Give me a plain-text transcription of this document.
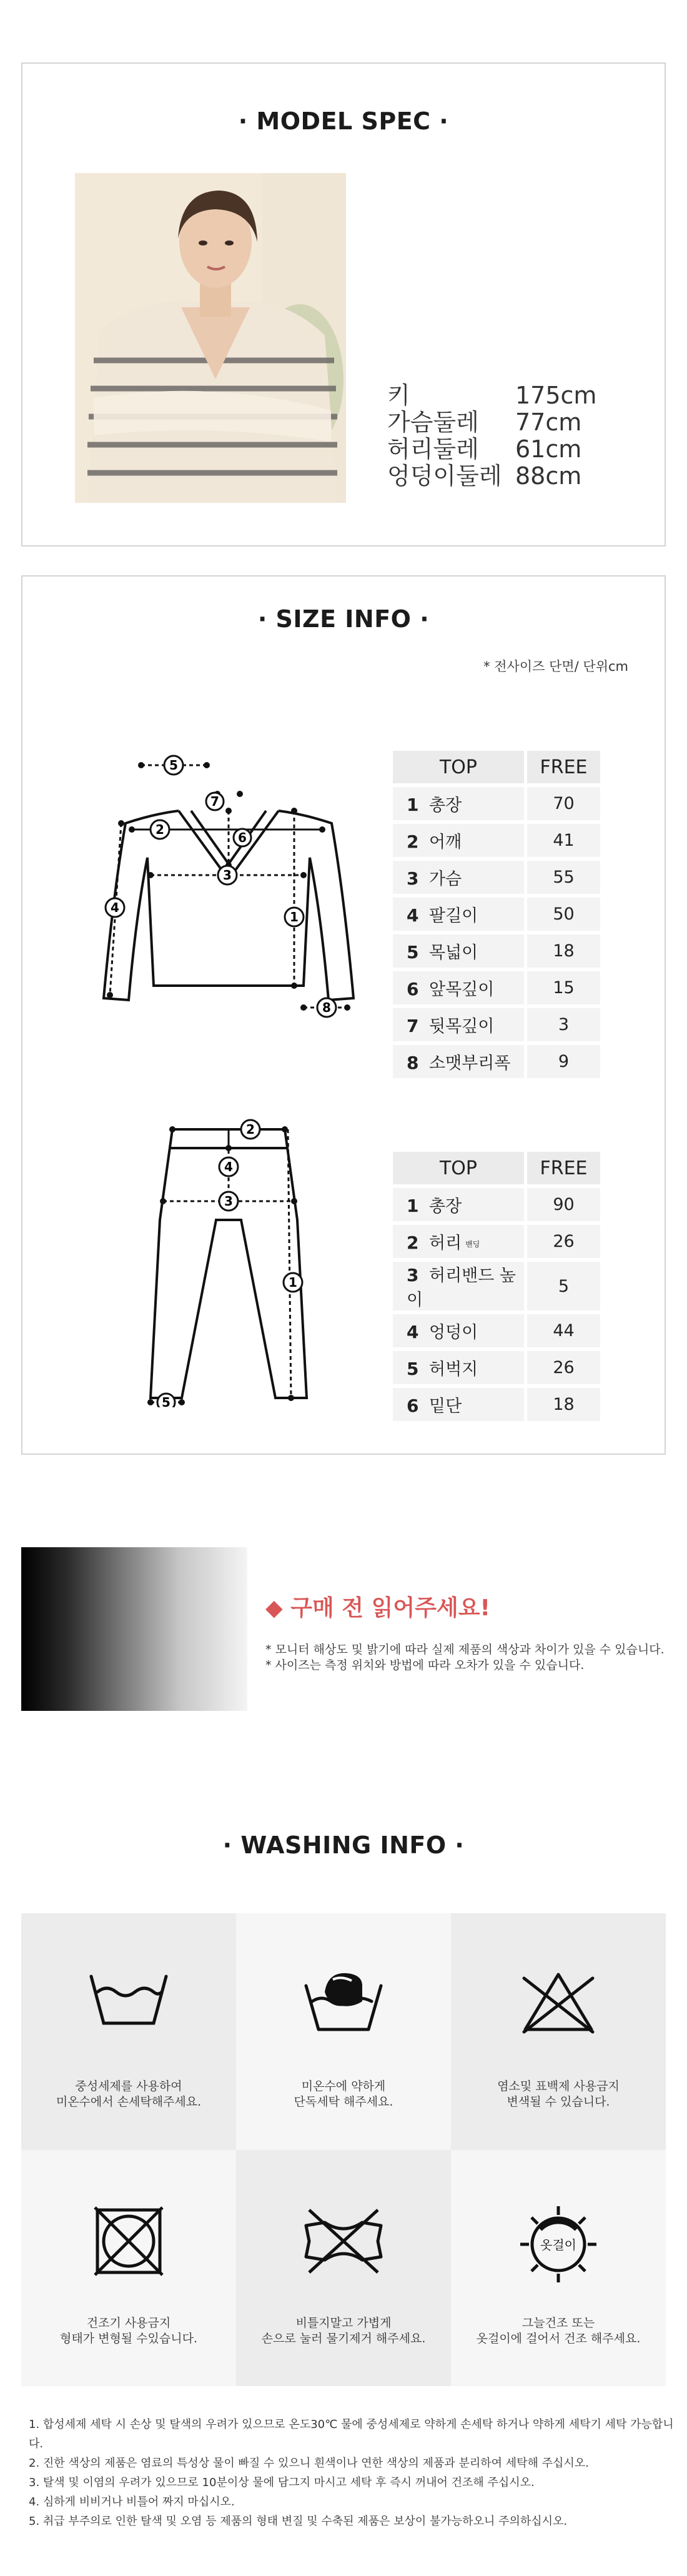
· MODEL SPEC ·
키	175cm
가슴둘레	77cm
허리둘레	61cm
엉덩이둘레 88cm
· SIZE INFO ·
* 전사이즈 단면/ 단위cm
5
7
2
6
3
4
1
8
TOP	FREE
1 총장	70
2 어깨	41
3 가슴	55
4 팔길이	50
5 목넓이	18
6 앞목깊이	15
7 뒷목깊이	3
8 소맷부리폭	9
2
4
3
1
5
TOP	FREE
1 총장	90
2 허리 밴딩	26
3 허리밴드 높이	5
4 엉덩이	44
5 허벅지	26
6 밑단	18
◆ 구매 전 읽어주세요!
* 모니터 해상도 및 밝기에 따라 실제 제품의 색상과 차이가 있을 수 있습니다.
* 사이즈는 측정 위치와 방법에 따라 오차가 있을 수 있습니다.
· WASHING INFO ·
중성세제를 사용하여
미온수에서 손세탁해주세요.
미온수에 약하게
단독세탁 해주세요.
염소및 표백제 사용금지
변색될 수 있습니다.
건조기 사용금지
형태가 변형될 수있습니다.
비틀지말고 가볍게
손으로 눌러 물기제거 해주세요.
옷걸이
그늘건조 또는
옷걸이에 걸어서 건조 해주세요.
1. 합성세제 세탁 시 손상 및 탈색의 우려가 있으므로 온도30℃ 물에 중성세제로 약하게 손세탁 하거나 약하게 세탁기 세탁 가능합니다.
2. 진한 색상의 제품은 염료의 특성상 물이 빠질 수 있으니 흰색이나 연한 색상의 제품과 분리하여 세탁해 주십시오.
3. 탈색 및 이염의 우려가 있으므로 10분이상 물에 담그지 마시고 세탁 후 즉시 꺼내어 건조해 주십시오.
4. 심하게 비비거나 비틀어 짜지 마십시오.
5. 취급 부주의로 인한 탈색 및 오염 등 제품의 형태 변질 및 수축된 제품은 보상이 불가능하오니 주의하십시오.
